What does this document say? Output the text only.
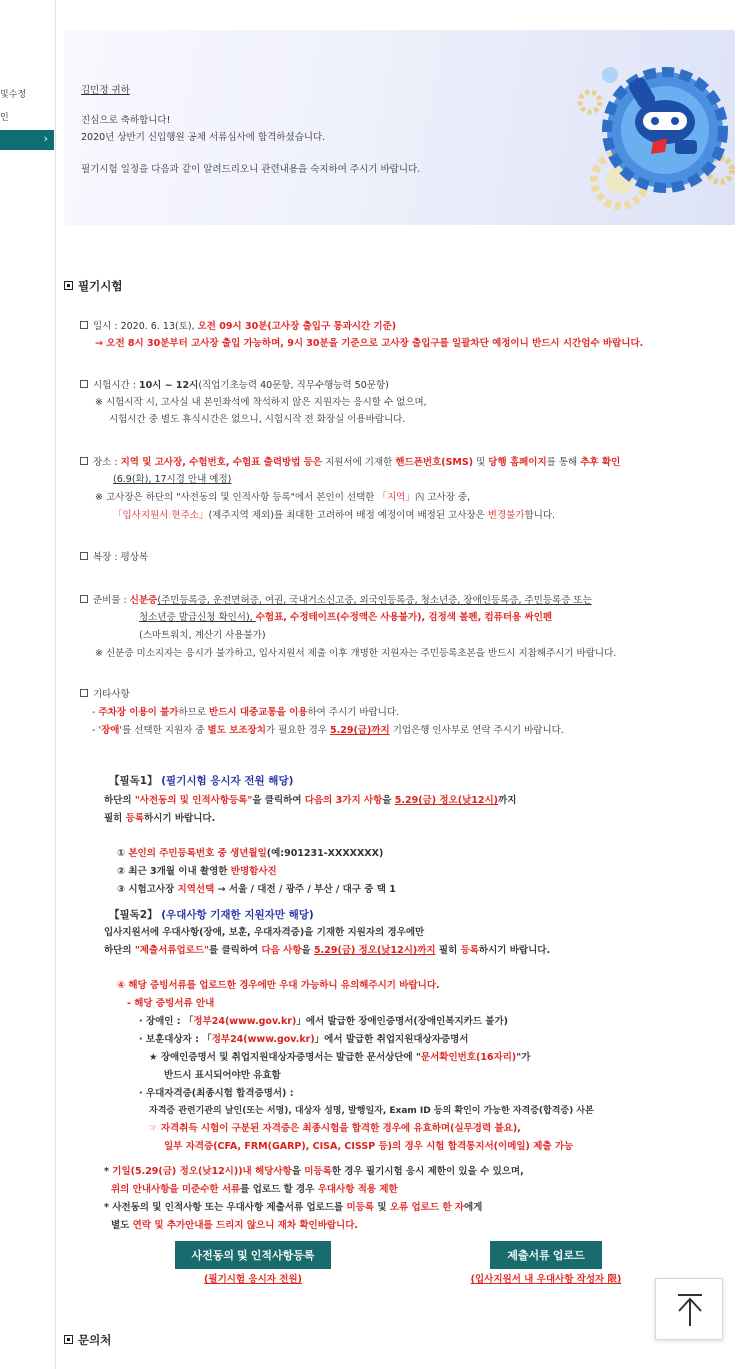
및수정
인
›
김민정 귀하
진심으로 축하합니다!
2020년 상반기 신입행원 공채 서류심사에 합격하셨습니다.
필기시험 일정을 다음과 같이 알려드리오니 관련내용을 숙지하여 주시기 바랍니다.
필기시험
일시 : 2020. 6. 13(토), 오전 09시 30분(고사장 출입구 통과시간 기준)
→ 오전 8시 30분부터 고사장 출입 가능하며, 9시 30분을 기준으로 고사장 출입구를 일괄차단 예정이니 반드시 시간엄수 바랍니다.
시험시간 : 10시 ~ 12시(직업기초능력 40문항, 직무수행능력 50문항)
※ 시험시작 시, 고사실 내 본인좌석에 착석하지 않은 지원자는 응시할 수 없으며,
시험시간 중 별도 휴식시간은 없으니, 시험시작 전 화장실 이용바랍니다.
장소 : 지역 및 고사장, 수험번호, 수험표 출력방법 등은 지원서에 기재한 핸드폰번호(SMS) 및 당행 홈페이지를 통해 추후 확인
(6.9(화), 17시경 안내 예정)
※ 고사장은 하단의 "사전동의 및 인적사항 등록"에서 본인이 선택한 「지역」內 고사장 중,
「입사지원서 현주소」(제주지역 제외)를 최대한 고려하여 배정 예정이며 배정된 고사장은 변경불가합니다.
복장 : 평상복
준비물 : 신분증(주민등록증, 운전면허증, 여권, 국내거소신고증, 외국인등록증, 청소년증, 장애인등록증, 주민등록증 또는
청소년증 발급신청 확인서), 수험표, 수정테이프(수정액은 사용불가), 검정색 볼펜, 컴퓨터용 싸인펜
(스마트워치, 계산기 사용불가)
※ 신분증 미소지자는 응시가 불가하고, 입사지원서 제출 이후 개명한 지원자는 주민등록초본을 반드시 지참해주시기 바랍니다.
기타사항
- 주차장 이용이 불가하므로 반드시 대중교통을 이용하여 주시기 바랍니다.
- '장애'를 선택한 지원자 중 별도 보조장치가 필요한 경우 5.29(금)까지 기업은행 인사부로 연락 주시기 바랍니다.
【필독1】 (필기시험 응시자 전원 해당)
하단의 "사전동의 및 인적사항등록"을 클릭하여 다음의 3가지 사항을 5.29(금) 정오(낮12시)까지
필히 등록하시기 바랍니다.
① 본인의 주민등록번호 중 생년월일(예:901231-XXXXXXX)
② 최근 3개월 이내 촬영한 반명함사진
③ 시험고사장 지역선택 → 서울 / 대전 / 광주 / 부산 / 대구 중 택 1
【필독2】 (우대사항 기재한 지원자만 해당)
입사지원서에 우대사항(장애, 보훈, 우대자격증)을 기재한 지원자의 경우에만
하단의 "제출서류업로드"를 클릭하여 다음 사항을 5.29(금) 정오(낮12시)까지 필히 등록하시기 바랍니다.
④ 해당 증빙서류를 업로드한 경우에만 우대 가능하니 유의해주시기 바랍니다.
- 해당 증빙서류 안내
· 장애인 : 「정부24(www.gov.kr)」에서 발급한 장애인증명서(장애인복지카드 불가)
· 보훈대상자 : 「정부24(www.gov.kr)」에서 발급한 취업지원대상자증명서
★ 장애인증명서 및 취업지원대상자증명서는 발급한 문서상단에 "문서확인번호(16자리)"가
반드시 표시되어야만 유효함
· 우대자격증(최종시험 합격증명서) :
자격증 관련기관의 날인(또는 서명), 대상자 성명, 발행일자, Exam ID 등의 확인이 가능한 자격증(합격증) 사본
☞ 자격취득 시험이 구분된 자격증은 최종시험을 합격한 경우에 유효하며(실무경력 불요),
일부 자격증(CFA, FRM(GARP), CISA, CISSP 등)의 경우 시험 합격통지서(이메일) 제출 가능
* 기일(5.29(금) 정오(낮12시))내 해당사항을 미등록한 경우 필기시험 응시 제한이 있을 수 있으며,
위의 안내사항을 미준수한 서류를 업로드 할 경우 우대사항 적용 제한
* 사전동의 및 인적사항 또는 우대사항 제출서류 업로드를 미등록 및 오류 업로드 한 자에게
별도 연락 및 추가안내를 드리지 않으니 재차 확인바랍니다.
사전동의 및 인적사항등록
(필기시험 응시자 전원)
제출서류 업로드
(입사지원서 내 우대사항 작성자 限)
문의처
